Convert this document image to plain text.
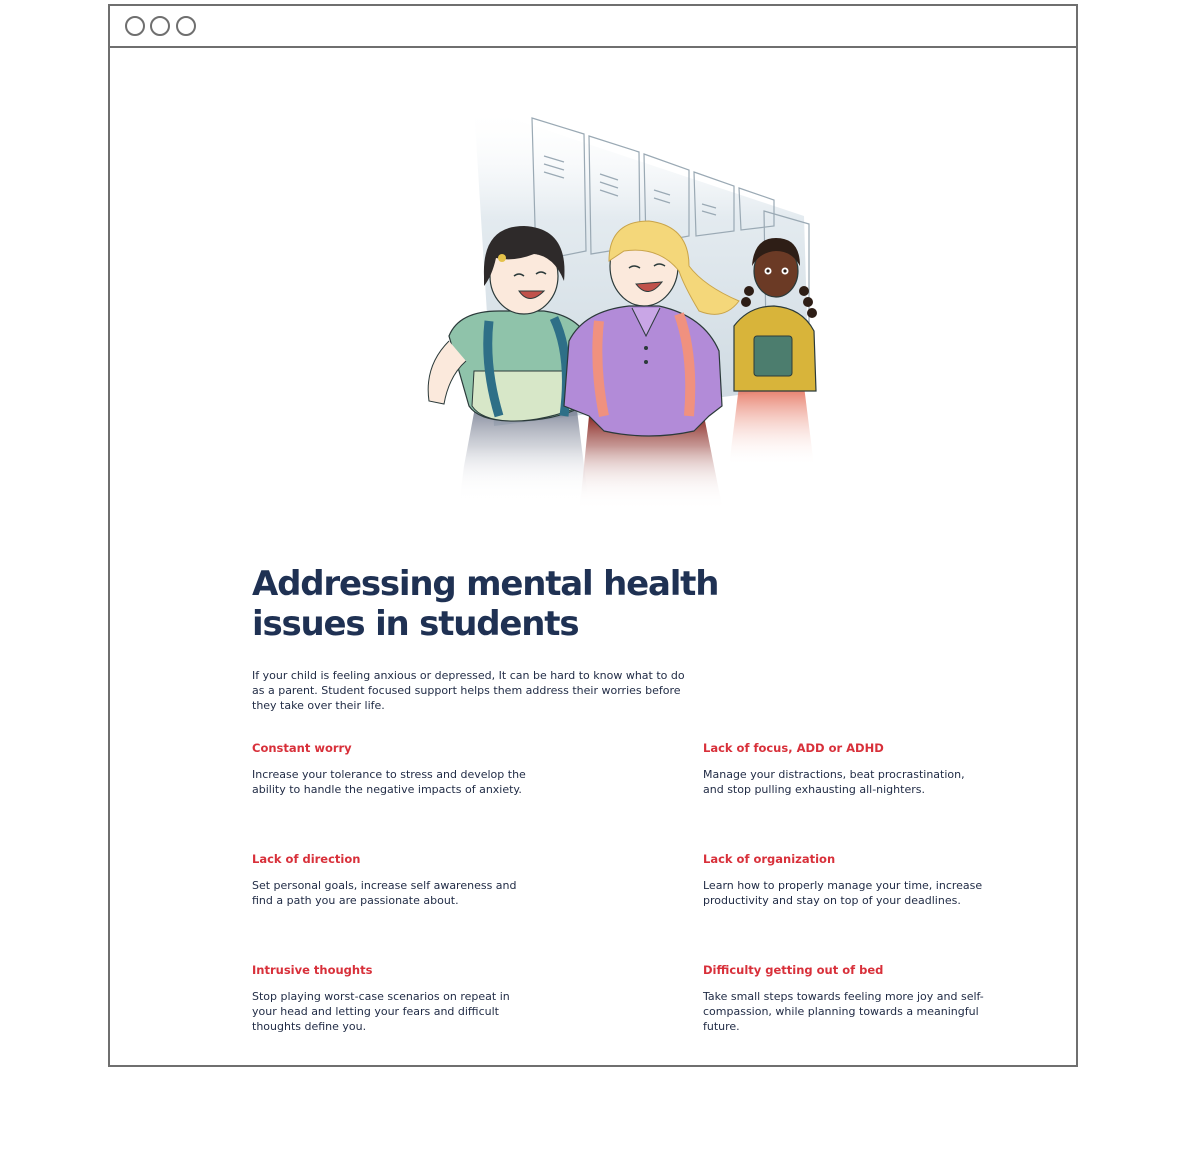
Addressing mental health issues in students

If your child is feeling anxious or depressed, It can be hard to know what to do as a parent. Student focused support helps them address their worries before they take over their life.

Constant worry

Increase your tolerance to stress and develop the ability to handle the negative impacts of anxiety.

Lack of focus, ADD or ADHD

Manage your distractions, beat procrastination, and stop pulling exhausting all-nighters.

Lack of direction

Set personal goals, increase self awareness and find a path you are passionate about.

Lack of organization

Learn how to properly manage your time, increase productivity and stay on top of your deadlines.

Intrusive thoughts

Stop playing worst-case scenarios on repeat in your head and letting your fears and difficult thoughts define you.

Difficulty getting out of bed

Take small steps towards feeling more joy and self-compassion, while planning towards a meaningful future.
